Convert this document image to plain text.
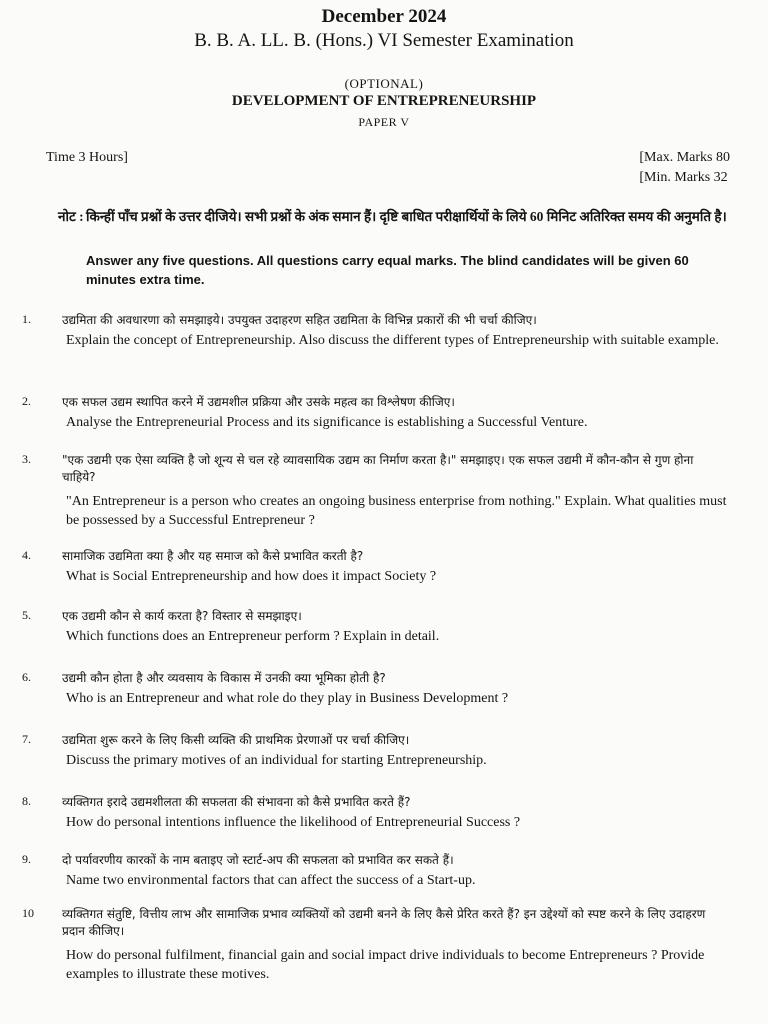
December 2024
B. B. A. LL. B. (Hons.) VI Semester Examination
(OPTIONAL)
DEVELOPMENT OF ENTREPRENEURSHIP
PAPER V
Time 3 Hours]	[Max. Marks 80
[Min. Marks 32
नोट : किन्हीं पाँच प्रश्नों के उत्तर दीजिये। सभी प्रश्नों के अंक समान हैं। दृष्टि बाधित परीक्षार्थियों के लिये 60 मिनिट अतिरिक्त समय की अनुमति है।
Answer any five questions. All questions carry equal marks. The blind candidates will be given 60 minutes extra time.
1.	उद्यमिता की अवधारणा को समझाइये। उपयुक्त उदाहरण सहित उद्यमिता के विभिन्न प्रकारों की भी चर्चा कीजिए।
Explain the concept of Entrepreneurship. Also discuss the different types of Entrepreneurship with suitable example.
2.	एक सफल उद्यम स्थापित करने में उद्यमशील प्रक्रिया और उसके महत्व का विश्लेषण कीजिए।
Analyse the Entrepreneurial Process and its significance is establishing a Successful Venture.
3.	"एक उद्यमी एक ऐसा व्यक्ति है जो शून्य से चल रहे व्यावसायिक उद्यम का निर्माण करता है।" समझाइए। एक सफल उद्यमी में कौन-कौन से गुण होना चाहिये?
"An Entrepreneur is a person who creates an ongoing business enterprise from nothing." Explain. What qualities must be possessed by a Successful Entrepreneur ?
4.	सामाजिक उद्यमिता क्या है और यह समाज को कैसे प्रभावित करती है?
What is Social Entrepreneurship and how does it impact Society ?
5.	एक उद्यमी कौन से कार्य करता है? विस्तार से समझाइए।
Which functions does an Entrepreneur perform ? Explain in detail.
6.	उद्यमी कौन होता है और व्यवसाय के विकास में उनकी क्या भूमिका होती है?
Who is an Entrepreneur and what role do they play in Business Development ?
7.	उद्यमिता शुरू करने के लिए किसी व्यक्ति की प्राथमिक प्रेरणाओं पर चर्चा कीजिए।
Discuss the primary motives of an individual for starting Entrepreneurship.
8.	व्यक्तिगत इरादे उद्यमशीलता की सफलता की संभावना को कैसे प्रभावित करते हैं?
How do personal intentions influence the likelihood of Entrepreneurial Success ?
9.	दो पर्यावरणीय कारकों के नाम बताइए जो स्टार्ट-अप की सफलता को प्रभावित कर सकते हैं।
Name two environmental factors that can affect the success of a Start-up.
10	व्यक्तिगत संतुष्टि, वित्तीय लाभ और सामाजिक प्रभाव व्यक्तियों को उद्यमी बनने के लिए कैसे प्रेरित करते हैं? इन उद्देश्यों को स्पष्ट करने के लिए उदाहरण प्रदान कीजिए।
How do personal fulfilment, financial gain and social impact drive individuals to become Entrepreneurs ? Provide examples to illustrate these motives.
